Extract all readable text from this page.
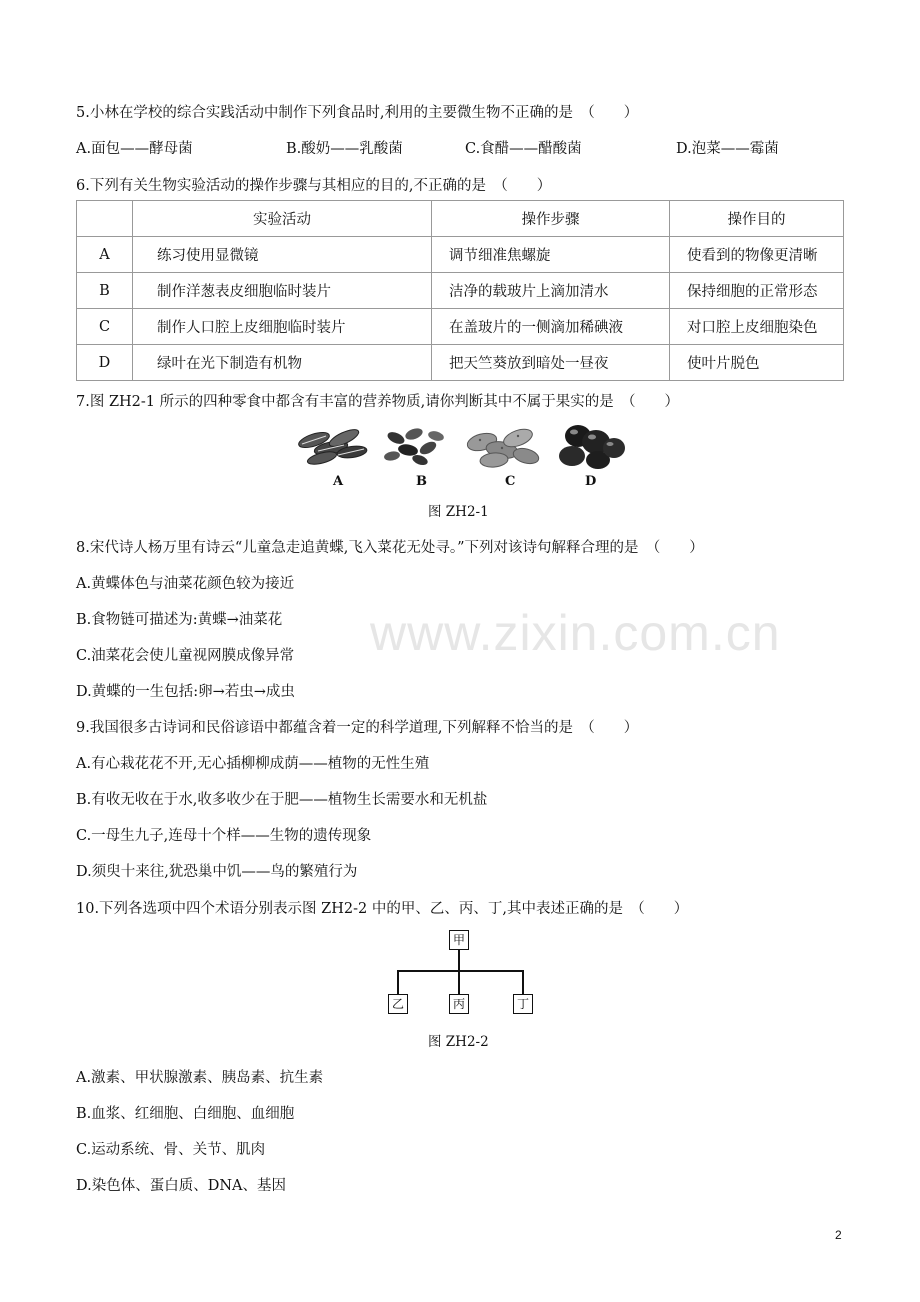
www.zixin.com.cn
5.小林在学校的综合实践活动中制作下列食品时,利用的主要微生物不正确的是　（　　）
A.面包——酵母菌	B.酸奶——乳酸菌	C.食醋——醋酸菌	D.泡菜——霉菌
6.下列有关生物实验活动的操作步骤与其相应的目的,不正确的是　（　　）
	实验活动	操作步骤	操作目的
A	练习使用显微镜	调节细准焦螺旋	使看到的物像更清晰
B	制作洋葱表皮细胞临时装片	洁净的载玻片上滴加清水	保持细胞的正常形态
C	制作人口腔上皮细胞临时装片	在盖玻片的一侧滴加稀碘液	对口腔上皮细胞染色
D	绿叶在光下制造有机物	把天竺葵放到暗处一昼夜	使叶片脱色
7.图 ZH2-1 所示的四种零食中都含有丰富的营养物质,请你判断其中不属于果实的是　（　　）
A	B	C	D
图 ZH2-1
8.宋代诗人杨万里有诗云“儿童急走追黄蝶,飞入菜花无处寻。”下列对该诗句解释合理的是　（　　）
A.黄蝶体色与油菜花颜色较为接近
B.食物链可描述为:黄蝶→油菜花
C.油菜花会使儿童视网膜成像异常
D.黄蝶的一生包括:卵→若虫→成虫
9.我国很多古诗词和民俗谚语中都蕴含着一定的科学道理,下列解释不恰当的是　（　　）
A.有心栽花花不开,无心插柳柳成荫——植物的无性生殖
B.有收无收在于水,收多收少在于肥——植物生长需要水和无机盐
C.一母生九子,连母十个样——生物的遗传现象
D.须臾十来往,犹恐巢中饥——鸟的繁殖行为
10.下列各选项中四个术语分别表示图 ZH2-2 中的甲、乙、丙、丁,其中表述正确的是　（　　）
甲
乙	丙	丁
图 ZH2-2
A.激素、甲状腺激素、胰岛素、抗生素
B.血浆、红细胞、白细胞、血细胞
C.运动系统、骨、关节、肌肉
D.染色体、蛋白质、DNA、基因
2
